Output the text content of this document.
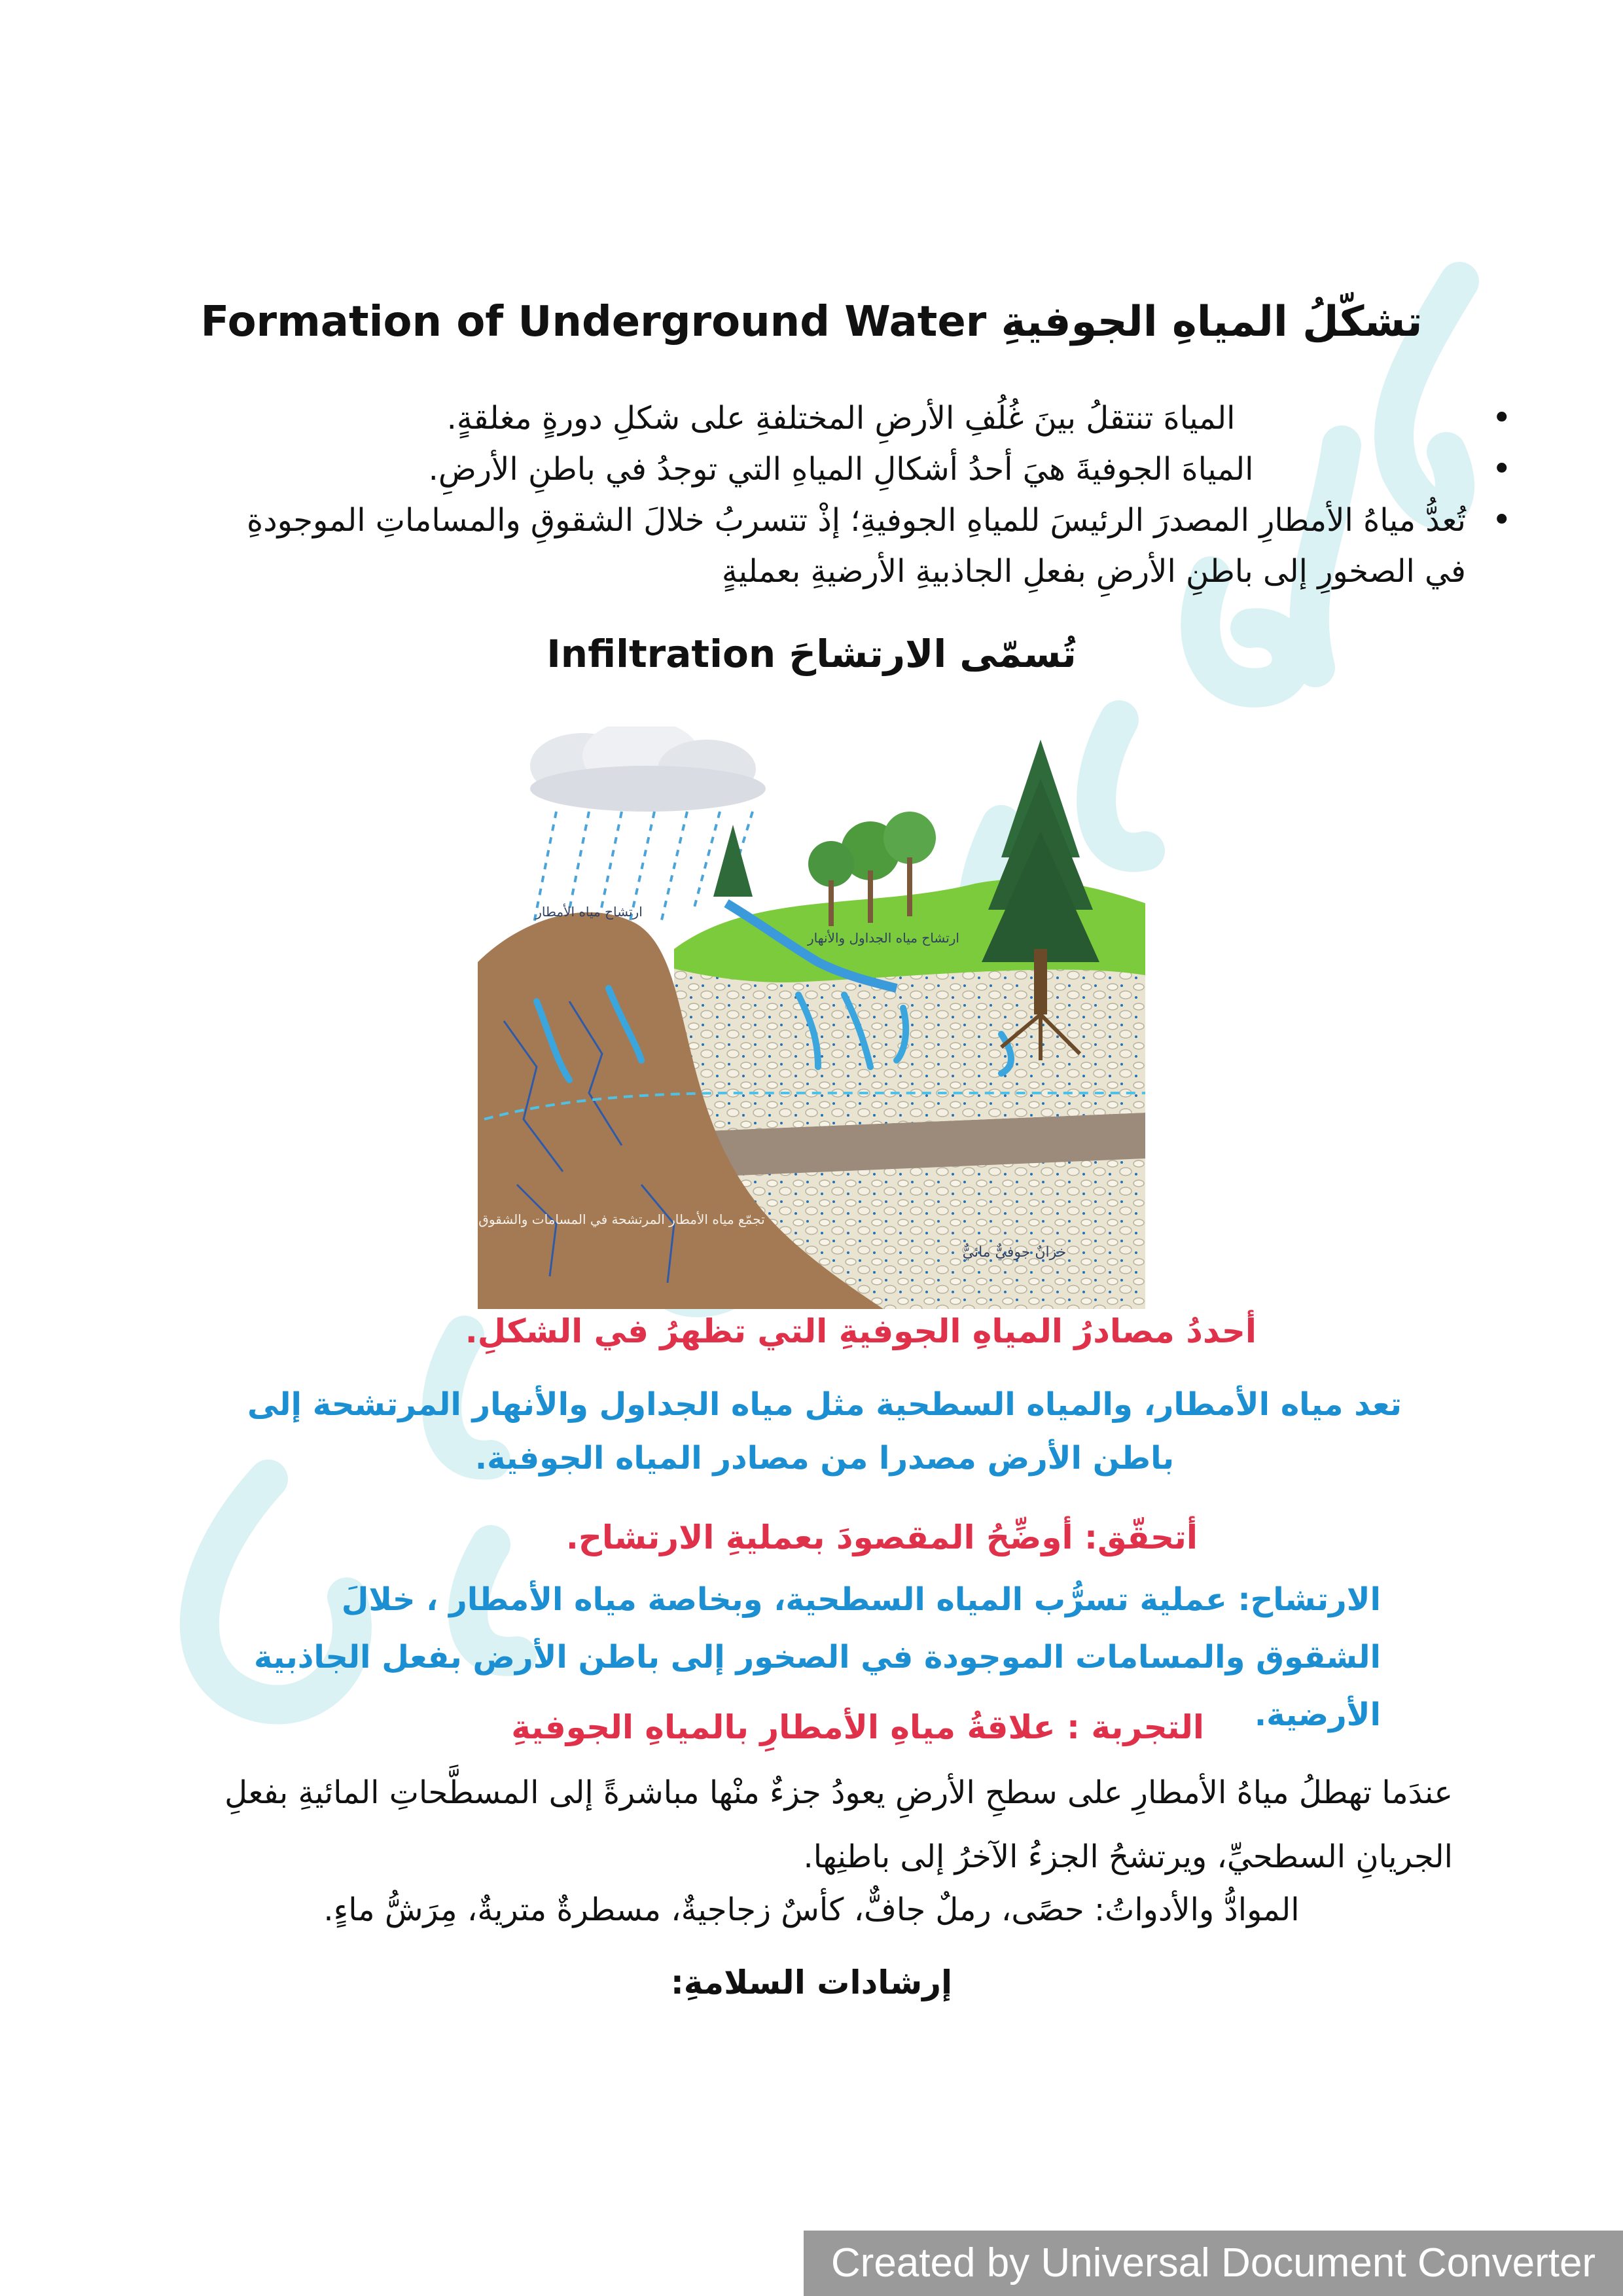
Formation of Underground Water تشكّلُ المياهِ الجوفيةِ
• المياهَ تنتقلُ بينَ غُلُفِ الأرضِ المختلفةِ على شكلِ دورةٍ مغلقةٍ.
• المياهَ الجوفيةَ هيَ أحدُ أشكالِ المياهِ التي توجدُ في باطنِ الأرضِ.
• تُعدُّ مياهُ الأمطارِ المصدرَ الرئيسَ للمياهِ الجوفيةِ؛ إذْ تتسربُ خلالَ الشقوقِ والمساماتِ الموجودةِ في الصخورِ إلى باطنِ الأرضِ بفعلِ الجاذبيةِ الأرضيةِ بعمليةٍ
Infiltration تُسمّى الارتشاحَ
ارتشاح مياه الأمطار
ارتشاح مياه الجداول والأنهار
تجمّع مياه الأمطار المرتشحة في المسامات والشقوق
خزانٌ جوفيٌّ مائيٌّ
أحددُ مصادرُ المياهِ الجوفيةِ التي تظهرُ في الشكلِ.
تعد مياه الأمطار، والمياه السطحية مثل مياه الجداول والأنهار المرتشحة إلى باطن الأرض مصدرا من مصادر المياه الجوفية.
أتحقّق: أوضِّحُ المقصودَ بعمليةِ الارتشاح.
الارتشاح: عملية تسرُّب المياه السطحية، وبخاصة مياه الأمطار ، خلالَ الشقوق والمسامات الموجودة في الصخور إلى باطن الأرض بفعل الجاذبية الأرضية.
التجربة : علاقةُ مياهِ الأمطارِ بالمياهِ الجوفيةِ
عندَما تهطلُ مياهُ الأمطارِ على سطحِ الأرضِ يعودُ جزءٌ منْها مباشرةً إلى المسطَّحاتِ المائيةِ بفعلِ الجريانِ السطحيِّ، ويرتشحُ الجزءُ الآخرُ إلى باطنِها.
الموادُّ والأدواتُ: حصًى، رملٌ جافٌّ، كأسٌ زجاجيةٌ، مسطرةٌ متريةٌ، مِرَشُّ ماءٍ.
إرشادات السلامةِ:
Created by Universal Document Converter
